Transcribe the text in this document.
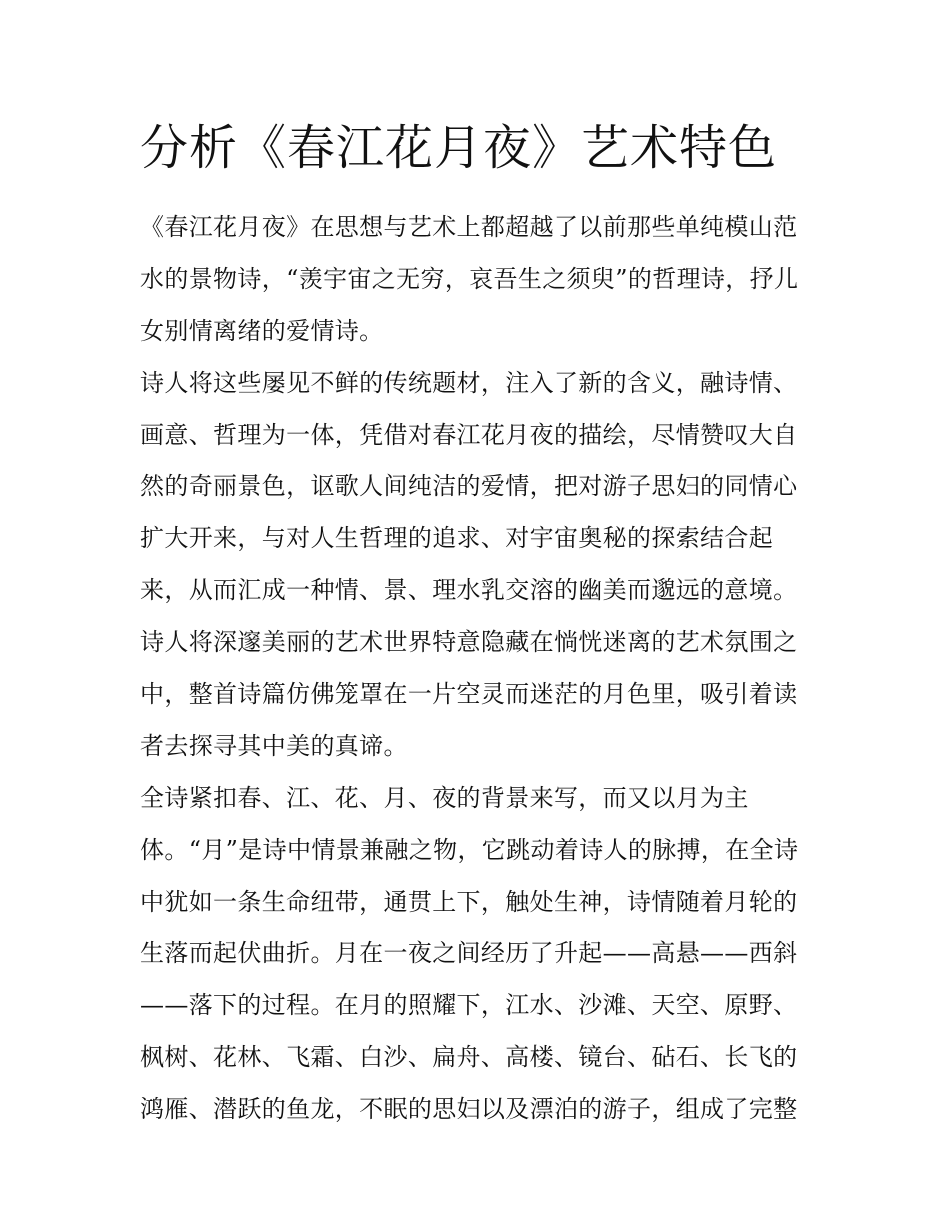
分析《春江花月夜》艺术特色
《春江花月夜》在思想与艺术上都超越了以前那些单纯模山范
水的景物诗，“羡宇宙之无穷，哀吾生之须臾”的哲理诗，抒儿
女别情离绪的爱情诗。
诗人将这些屡见不鲜的传统题材，注入了新的含义，融诗情、
画意、哲理为一体，凭借对春江花月夜的描绘，尽情赞叹大自
然的奇丽景色，讴歌人间纯洁的爱情，把对游子思妇的同情心
扩大开来，与对人生哲理的追求、对宇宙奥秘的探索结合起
来，从而汇成一种情、景、理水乳交溶的幽美而邈远的意境。
诗人将深邃美丽的艺术世界特意隐藏在惝恍迷离的艺术氛围之
中，整首诗篇仿佛笼罩在一片空灵而迷茫的月色里，吸引着读
者去探寻其中美的真谛。
全诗紧扣春、江、花、月、夜的背景来写，而又以月为主
体。“月”是诗中情景兼融之物，它跳动着诗人的脉搏，在全诗
中犹如一条生命纽带，通贯上下，触处生神，诗情随着月轮的
生落而起伏曲折。月在一夜之间经历了升起——高悬——西斜
——落下的过程。在月的照耀下，江水、沙滩、天空、原野、
枫树、花林、飞霜、白沙、扁舟、高楼、镜台、砧石、长飞的
鸿雁、潜跃的鱼龙，不眠的思妇以及漂泊的游子，组成了完整
